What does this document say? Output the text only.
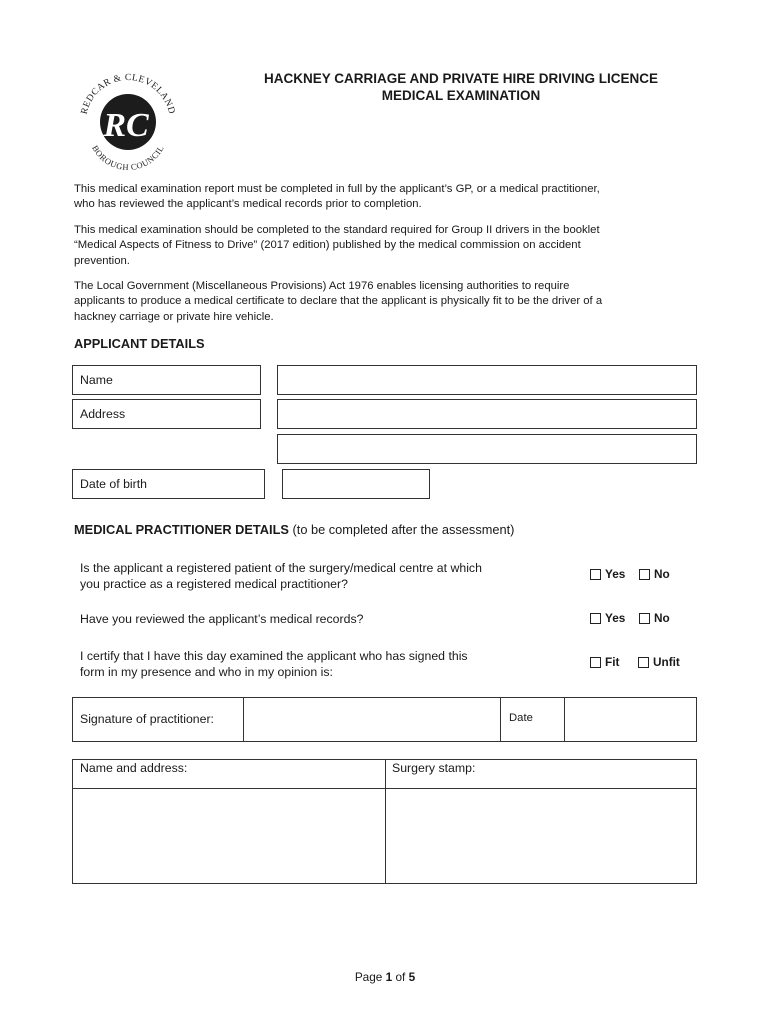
REDCAR & CLEVELAND
BOROUGH COUNCIL
RC
HACKNEY CARRIAGE AND PRIVATE HIRE DRIVING LICENCE
MEDICAL EXAMINATION
This medical examination report must be completed in full by the applicant’s GP, or a medical practitioner,
who has reviewed the applicant’s medical records prior to completion.
This medical examination should be completed to the standard required for Group II drivers in the booklet
“Medical Aspects of Fitness to Drive” (2017 edition) published by the medical commission on accident
prevention.
The Local Government (Miscellaneous Provisions) Act 1976 enables licensing authorities to require
applicants to produce a medical certificate to declare that the applicant is physically fit to be the driver of a
hackney carriage or private hire vehicle.
APPLICANT DETAILS
Name
Address
Date of birth
MEDICAL PRACTITIONER DETAILS (to be completed after the assessment)
Is the applicant a registered patient of the surgery/medical centre at which
you practice as a registered medical practitioner?
Yes No
Have you reviewed the applicant’s medical records?	Yes No
I certify that I have this day examined the applicant who has signed this
form in my presence and who in my opinion is:
Fit	Unfit
Signature of practitioner:	Date
Name and address:	Surgery stamp:
Page 1 of 5
